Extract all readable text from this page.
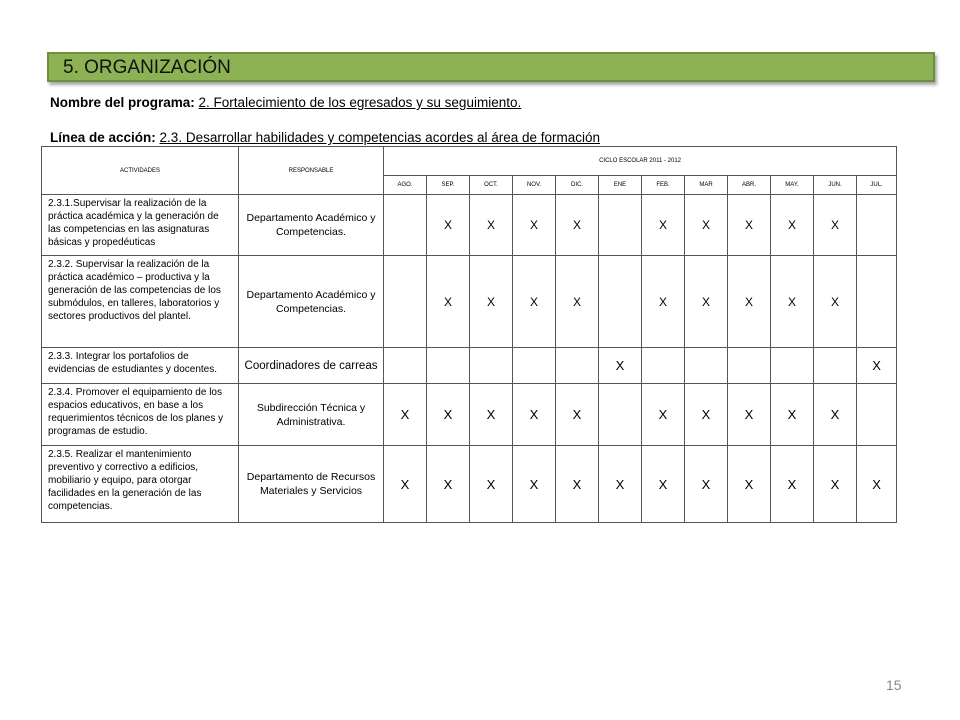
5. ORGANIZACIÓN
Nombre del programa: 2. Fortalecimiento de los egresados y su seguimiento.
Línea de acción: 2.3. Desarrollar habilidades y competencias acordes al área de formación
ACTIVIDADES	RESPONSABLE	CICLO ESCOLAR 2011 - 2012											
		AGO.	SEP.	OCT.	NOV.	DIC.	ENE	FEB.	MAR	ABR.	MAY.	JUN.	JUL.
2.3.1.Supervisar la realización de la práctica académica y la generación de las competencias en las asignaturas básicas y propedéuticas	Departamento Académico y Competencias.		X	X	X	X		X	X	X	X	X	
2.3.2. Supervisar la realización de la práctica académico – productiva y la generación de las competencias de los submódulos, en talleres, laboratorios y sectores productivos del plantel.	Departamento Académico y Competencias.		X	X	X	X		X	X	X	X	X	
2.3.3. Integrar los portafolios de evidencias de estudiantes y docentes.	Coordinadores de carreas						X						X
2.3.4. Promover el equipamiento de los espacios educativos, en base a los requerimientos técnicos de los planes y programas de estudio.	Subdirección Técnica y Administrativa.	X	X	X	X	X		X	X	X	X	X	
2.3.5. Realizar el mantenimiento preventivo y correctivo a edificios, mobiliario y equipo, para otorgar facilidades en la generación de las competencias.	Departamento de Recursos Materiales y Servicios	X	X	X	X	X	X	X	X	X	X	X	X
15
